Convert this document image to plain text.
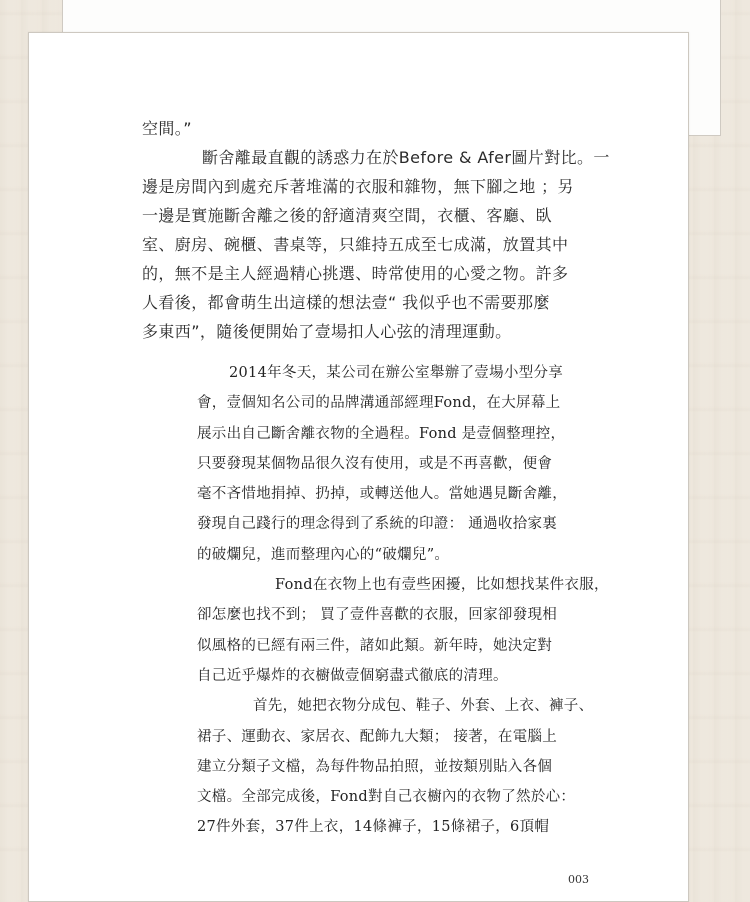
空間。”

斷舍離最直觀的誘惑力在於Before & Afer圖片對比。一

邊是房間內到處充斥著堆滿的衣服和雜物，無下腳之地 ；另

一邊是實施斷舍離之後的舒適清爽空間，衣櫃、客廳、臥

室、廚房、碗櫃、書桌等，只維持五成至七成滿，放置其中

的，無不是主人經過精心挑選、時常使用的心愛之物。許多

人看後，都會萌生出這樣的想法壹“ 我似乎也不需要那麼

多東西”，隨後便開始了壹場扣人心弦的清理運動。

2014年冬天，某公司在辦公室舉辦了壹場小型分享

會，壹個知名公司的品牌溝通部經理Fond，在大屏幕上

展示出自己斷舍離衣物的全過程。Fond 是壹個整理控，

只要發現某個物品很久沒有使用，或是不再喜歡，便會

毫不吝惜地捐掉、扔掉，或轉送他人。當她遇見斷舍離，

發現自己踐行的理念得到了系統的印證： 通過收拾家裏

的破爛兒，進而整理內心的“破爛兒”。

Fond在衣物上也有壹些困擾，比如想找某件衣服，

卻怎麼也找不到； 買了壹件喜歡的衣服，回家卻發現相

似風格的已經有兩三件，諸如此類。新年時，她決定對

自己近乎爆炸的衣櫥做壹個窮盡式徹底的清理。

首先，她把衣物分成包、鞋子、外套、上衣、褲子、

裙子、運動衣、家居衣、配飾九大類； 接著，在電腦上

建立分類子文檔，為每件物品拍照，並按類別貼入各個

文檔。全部完成後，Fond對自己衣櫥內的衣物了然於心：

27件外套，37件上衣，14條褲子，15條裙子，6頂帽

003
